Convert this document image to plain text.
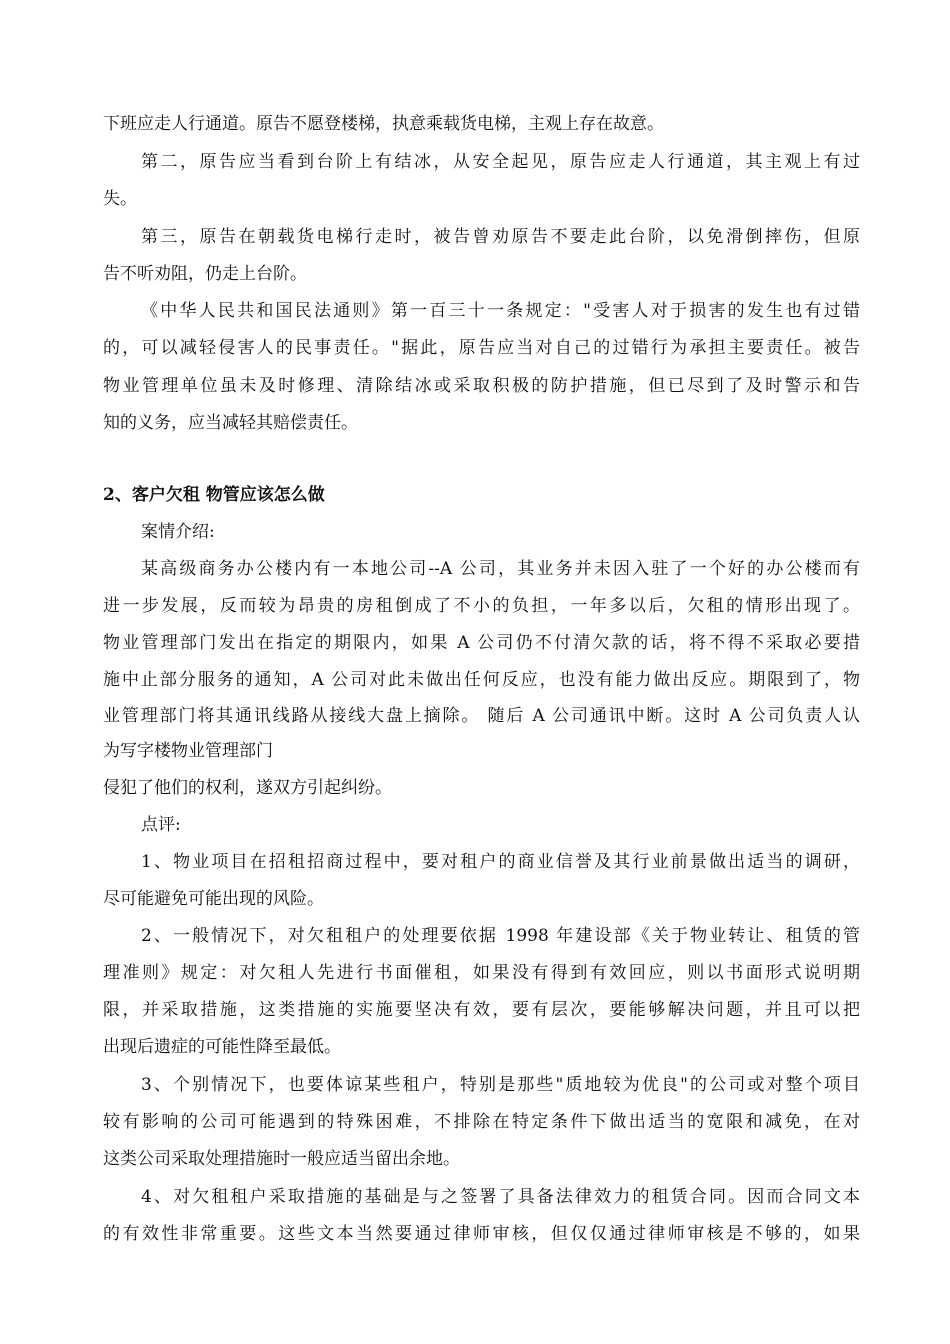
下班应走人行通道。原告不愿登楼梯，执意乘载货电梯，主观上存在故意。
第二，原告应当看到台阶上有结冰，从安全起见，原告应走人行通道，其主观上有过
失。
第三，原告在朝载货电梯行走时，被告曾劝原告不要走此台阶，以免滑倒摔伤，但原
告不听劝阻，仍走上台阶。
《中华人民共和国民法通则》第一百三十一条规定："受害人对于损害的发生也有过错
的，可以减轻侵害人的民事责任。"据此，原告应当对自己的过错行为承担主要责任。被告
物业管理单位虽未及时修理、清除结冰或采取积极的防护措施，但已尽到了及时警示和告
知的义务，应当减轻其赔偿责任。
2、客户欠租 物管应该怎么做
案情介绍:
某高级商务办公楼内有一本地公司--A 公司，其业务并未因入驻了一个好的办公楼而有
进一步发展，反而较为昂贵的房租倒成了不小的负担，一年多以后，欠租的情形出现了。
物业管理部门发出在指定的期限内，如果 A 公司仍不付清欠款的话，将不得不采取必要措
施中止部分服务的通知，A 公司对此未做出任何反应，也没有能力做出反应。期限到了，物
业管理部门将其通讯线路从接线大盘上摘除。 随后 A 公司通讯中断。这时 A 公司负责人认
为写字楼物业管理部门
侵犯了他们的权利，遂双方引起纠纷。
点评:
1、物业项目在招租招商过程中，要对租户的商业信誉及其行业前景做出适当的调研，
尽可能避免可能出现的风险。
2、一般情况下，对欠租租户的处理要依据 1998 年建设部《关于物业转让、租赁的管
理准则》规定：对欠租人先进行书面催租，如果没有得到有效回应，则以书面形式说明期
限，并采取措施，这类措施的实施要坚决有效，要有层次，要能够解决问题，并且可以把
出现后遗症的可能性降至最低。
3、个别情况下，也要体谅某些租户，特别是那些"质地较为优良"的公司或对整个项目
较有影响的公司可能遇到的特殊困难，不排除在特定条件下做出适当的宽限和减免，在对
这类公司采取处理措施时一般应适当留出余地。
4、对欠租租户采取措施的基础是与之签署了具备法律效力的租赁合同。因而合同文本
的有效性非常重要。这些文本当然要通过律师审核，但仅仅通过律师审核是不够的，如果
